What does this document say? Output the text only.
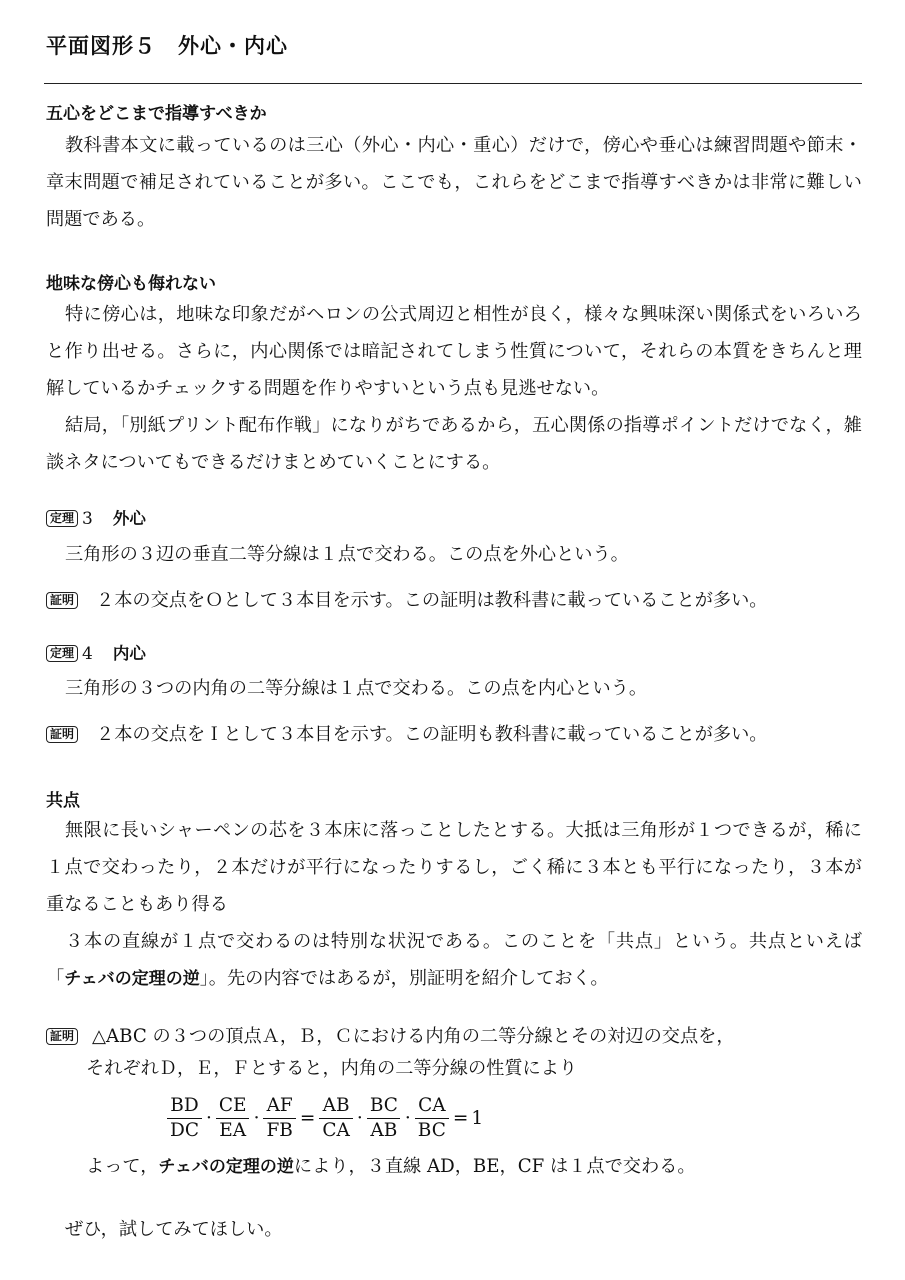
平面図形５　外心・内心
五心をどこまで指導すべきか
教科書本文に載っているのは三心（外心・内心・重心）だけで，傍心や垂心は練習問題や節末・章末問題で補足されていることが多い。ここでも，これらをどこまで指導すべきかは非常に難しい問題である。
地味な傍心も侮れない
特に傍心は，地味な印象だがヘロンの公式周辺と相性が良く，様々な興味深い関係式をいろいろと作り出せる。さらに，内心関係では暗記されてしまう性質について，それらの本質をきちんと理解しているかチェックする問題を作りやすいという点も見逃せない。
結局，「別紙プリント配布作戦」になりがちであるから，五心関係の指導ポイントだけでなく，雑談ネタについてもできるだけまとめていくことにする。
定理 3 外心
三角形の３辺の垂直二等分線は１点で交わる。この点を外心という。
証明 ２本の交点をＯとして３本目を示す。この証明は教科書に載っていることが多い。
定理 4 内心
三角形の３つの内角の二等分線は１点で交わる。この点を内心という。
証明 ２本の交点をＩとして３本目を示す。この証明も教科書に載っていることが多い。
共点
無限に長いシャーペンの芯を３本床に落っことしたとする。大抵は三角形が１つできるが，稀に１点で交わったり，２本だけが平行になったりするし，ごく稀に３本とも平行になったり，３本が重なることもあり得る
３本の直線が１点で交わるのは特別な状況である。このことを「共点」という。共点といえば「チェバの定理の逆」。先の内容ではあるが，別証明を紹介しておく。
証明 △ABC の３つの頂点Ａ，Ｂ，Ｃにおける内角の二等分線とその対辺の交点を，
それぞれＤ，Ｅ，Ｆとすると，内角の二等分線の性質により
$\frac{BD}{DC} \cdot \frac{CE}{EA} \cdot \frac{AF}{FB} = \frac{AB}{CA} \cdot \frac{BC}{AB} \cdot \frac{CA}{BC} = 1$
よって，チェバの定理の逆により，３直線 AD，BE，CF は１点で交わる。
ぜひ，試してみてほしい。
